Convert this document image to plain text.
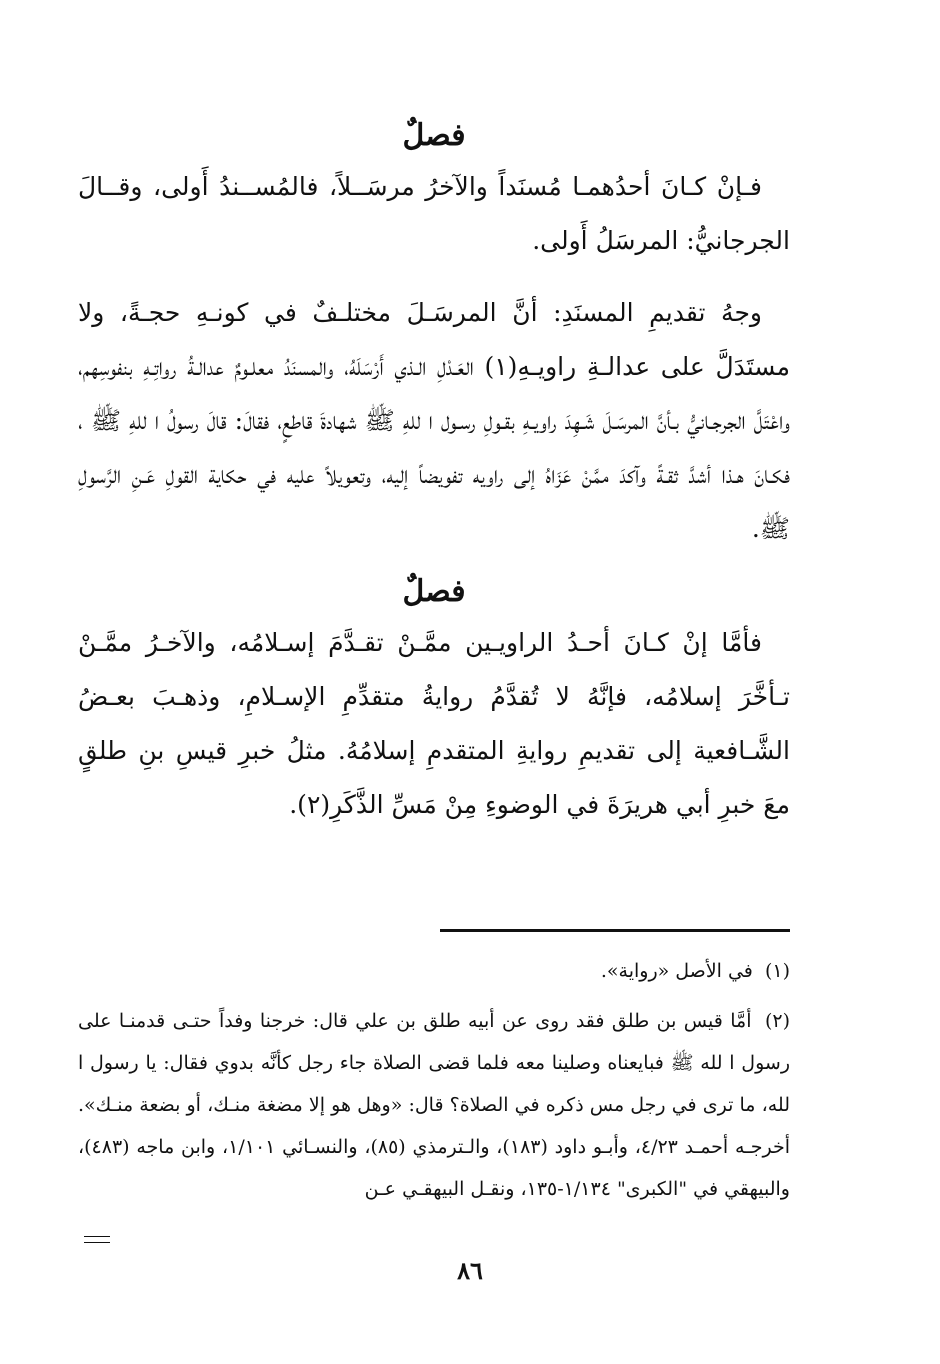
فصلٌ

فـإنْ كـانَ أحدُهمـا مُسنَداً والآخرُ مرسَــلاً، فالمُســندُ أَولى، وقــالَ الجرجانيُّ: المرسَلُ أَولى.

وجهُ تقديمِ المسنَدِ: أنَّ المرسَـلَ مختلـفٌ في كونـهِ حجـةً، ولا مستَدَلَّ على عدالـةِ راويـهِ(١) العَـدْلِ الـذي أَرْسَلَهُ، والمسنَدُ معلـومٌ عدالـةُ رواتِـهِ بنفوسِهم، واعْتَلَّ الجرجـانيُّ بـأنَّ المرسَـلَ شَـهِدَ راويـهِ بقـولِ رسـول ا للهِ ﷺ شهادةَ قاطعٍ، فقالَ: قالَ رسولُ ا للهِ ﷺ ، فكـانَ هـذا أشدَّ ثقـةً وآكدَ ممَّنْ عَزَاهُ إلى راويه تفويضاً إليه، وتعويلاً عليه في حكاية القولِ عَـنِ الرَّسولِ ﷺ.

فصلٌ

فأمَّا إنْ كـانَ أحـدُ الراويـين ممَّـنْ تقـدَّمَ إسـلامُه، والآخـرُ ممَّـنْ تـأخَّرَ إسلامُه، فإنَّهُ لا تُقدَّمُ روايةُ متقدِّمِ الإسـلامِ، وذهـبَ بعـضُ الشَّـافعية إلى تقديمِ روايةِ المتقدمِ إسلامُهُ. مثلُ خبرِ قيسِ بنِ طلقٍ معَ خبرِ أبي هريرَةَ في الوضوءِ مِنْ مَسِّ الذَّكَرِ(٢).

(١) في الأصل «رواية».

(٢) أمَّا قيس بن طلق فقد روى عن أبيه طلق بن علي قال: خرجنا وفداً حتـى قدمنـا على رسول ا لله ﷺ فبايعناه وصلينا معه فلما قضى الصلاة جاء رجل كأنَّه بدوي فقال: يا رسول ا لله، ما ترى في رجل مس ذكره في الصلاة؟ قال: «وهل هو إلا مضغة منـك، أو بضعة منـك». أخرجـه أحمـد ٤/٢٣، وأبـو داود (١٨٣)، والـترمذي (٨٥)، والنسـائي ١/١٠١، وابن ماجه (٤٨٣)، والبيهقي في "الكبرى" ١/١٣٤-١٣٥، ونقـل البيهقـي عـن

٨٦
